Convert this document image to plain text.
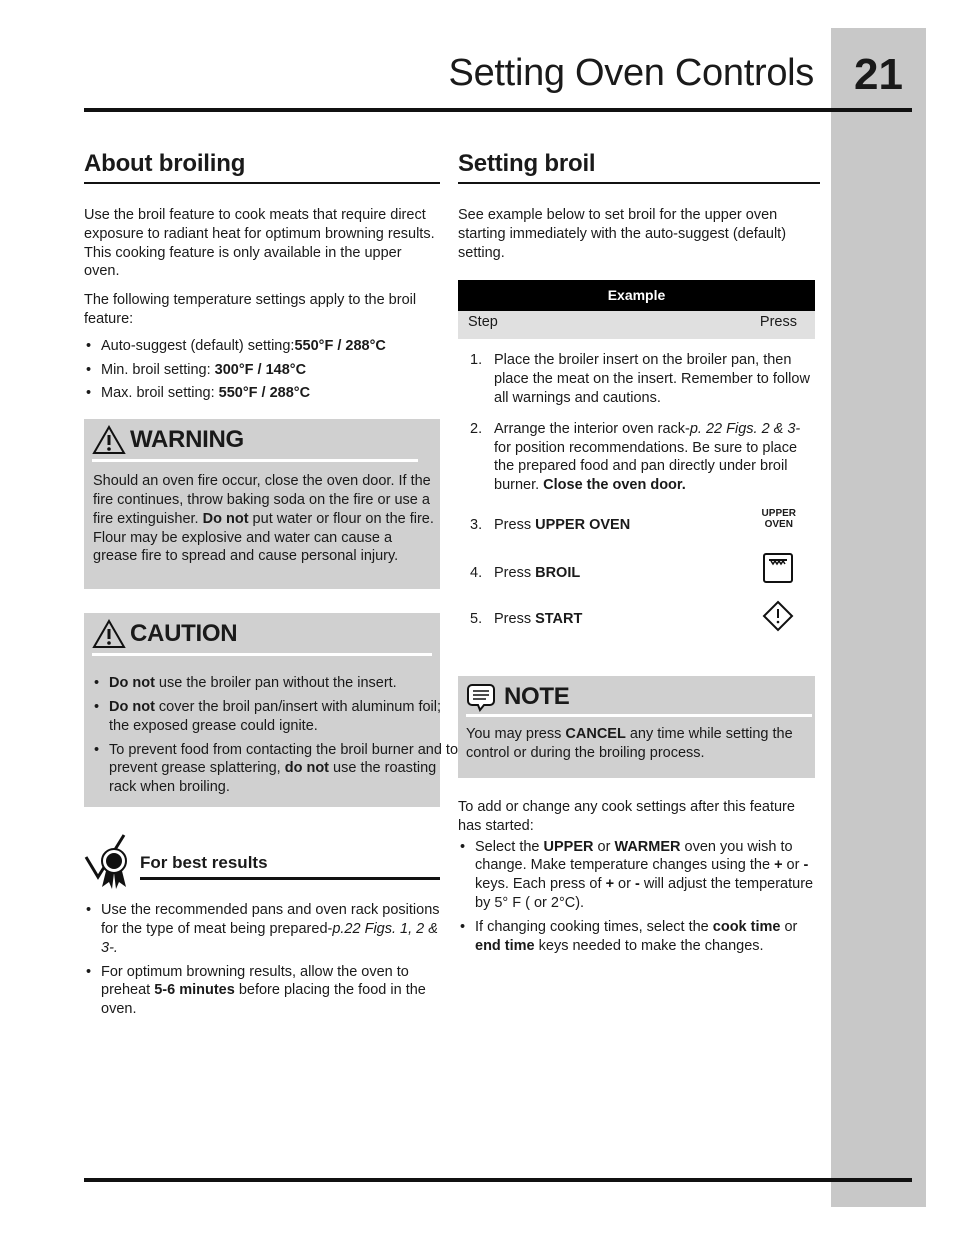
21
Setting Oven Controls
About broiling

Use the broil feature to cook meats that require direct exposure to radiant heat for optimum browning results. This cooking feature is only available in the upper oven.

The following temperature settings apply to the broil feature:

• Auto-suggest (default) setting:550°F / 288°C
• Min. broil setting: 300°F / 148°C
• Max. broil setting: 550°F / 288°C
WARNING

Should an oven fire occur, close the oven door. If the fire continues, throw baking soda on the fire or use a fire extinguisher. Do not put water or flour on the fire. Flour may be explosive and water can cause a grease fire to spread and cause personal injury.

CAUTION
• Do not use the broiler pan without the insert.
• Do not cover the broil pan/insert with aluminum foil; the exposed grease could ignite.
• To prevent food from contacting the broil burner and to prevent grease splattering, do not use the roasting rack when broiling.
For best results
• Use the recommended pans and oven rack positions for the type of meat being prepared-p.22 Figs. 1, 2 & 3-.
• For optimum browning results, allow the oven to preheat 5-6 minutes before placing the food in the oven.
Setting broil

See example below to set broil for the upper oven starting immediately with the auto-suggest (default) setting.

Example
Step	Press
1. Place the broiler insert on the broiler pan, then place the meat on the insert. Remember to follow all warnings and cautions.
2. Arrange the interior oven rack-p. 22 Figs. 2 & 3- for position recommendations. Be sure to place the prepared food and pan directly under broil burner. Close the oven door.
3. Press UPPER OVEN
UPPER
OVEN
4. Press BROIL
5. Press START
NOTE

You may press CANCEL any time while setting the control or during the broiling process.

To add or change any cook settings after this feature has started:

• Select the UPPER or WARMER oven you wish to change. Make temperature changes using the + or - keys. Each press of + or - will adjust the temperature by 5° F ( or 2°C).
• If changing cooking times, select the cook time or end time keys needed to make the changes.
